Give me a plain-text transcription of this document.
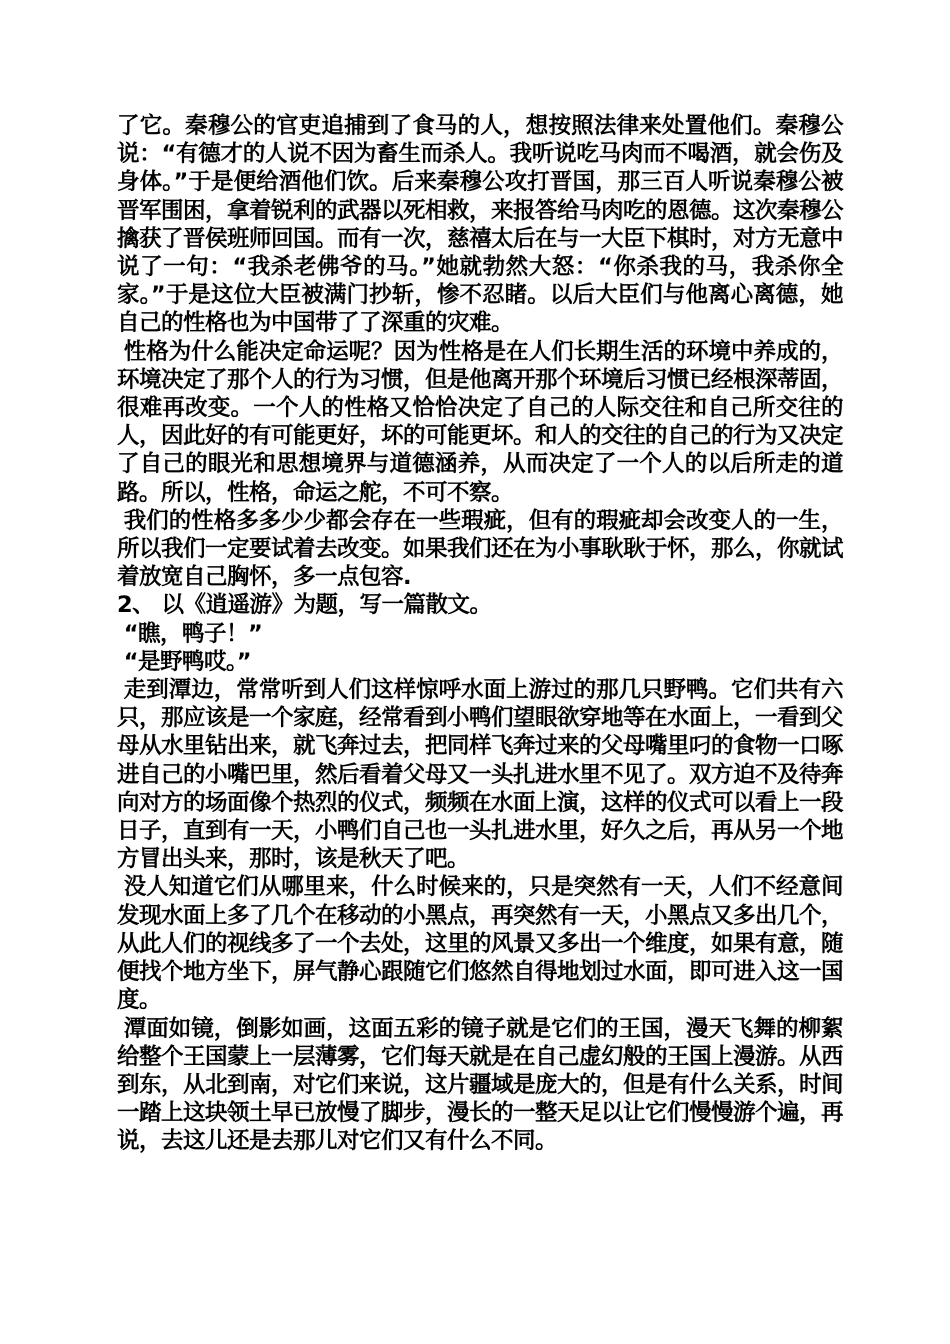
了它。秦穆公的官吏追捕到了食马的人，想按照法律来处置他们。秦穆公说：“有德才的人说不因为畜生而杀人。我听说吃马肉而不喝酒，就会伤及身体。”于是便给酒他们饮。后来秦穆公攻打晋国，那三百人听说秦穆公被晋军围困，拿着锐利的武器以死相救，来报答给马肉吃的恩德。这次秦穆公擒获了晋侯班师回国。而有一次，慈禧太后在与一大臣下棋时，对方无意中说了一句：“我杀老佛爷的马。”她就勃然大怒：“你杀我的马，我杀你全家。”于是这位大臣被满门抄斩，惨不忍睹。以后大臣们与他离心离德，她自己的性格也为中国带了了深重的灾难。

性格为什么能决定命运呢？因为性格是在人们长期生活的环境中养成的，环境决定了那个人的行为习惯，但是他离开那个环境后习惯已经根深蒂固，很难再改变。一个人的性格又恰恰决定了自己的人际交往和自己所交往的人，因此好的有可能更好，坏的可能更坏。和人的交往的自己的行为又决定了自己的眼光和思想境界与道德涵养，从而决定了一个人的以后所走的道路。所以，性格，命运之舵，不可不察。

我们的性格多多少少都会存在一些瑕疵，但有的瑕疵却会改变人的一生，所以我们一定要试着去改变。如果我们还在为小事耿耿于怀，那么，你就试着放宽自己胸怀，多一点包容.

2、 以《逍遥游》为题，写一篇散文。

“瞧，鸭子！”

“是野鸭哎。”

走到潭边，常常听到人们这样惊呼水面上游过的那几只野鸭。它们共有六只，那应该是一个家庭，经常看到小鸭们望眼欲穿地等在水面上，一看到父母从水里钻出来，就飞奔过去，把同样飞奔过来的父母嘴里叼的食物一口啄进自己的小嘴巴里，然后看着父母又一头扎进水里不见了。双方迫不及待奔向对方的场面像个热烈的仪式，频频在水面上演，这样的仪式可以看上一段日子，直到有一天，小鸭们自己也一头扎进水里，好久之后，再从另一个地方冒出头来，那时，该是秋天了吧。

没人知道它们从哪里来，什么时候来的，只是突然有一天，人们不经意间发现水面上多了几个在移动的小黑点，再突然有一天，小黑点又多出几个，从此人们的视线多了一个去处，这里的风景又多出一个维度，如果有意，随便找个地方坐下，屏气静心跟随它们悠然自得地划过水面，即可进入这一国度。

潭面如镜，倒影如画，这面五彩的镜子就是它们的王国，漫天飞舞的柳絮给整个王国蒙上一层薄雾，它们每天就是在自己虚幻般的王国上漫游。从西到东，从北到南，对它们来说，这片疆域是庞大的，但是有什么关系，时间一踏上这块领土早已放慢了脚步，漫长的一整天足以让它们慢慢游个遍，再说，去这儿还是去那儿对它们又有什么不同。
